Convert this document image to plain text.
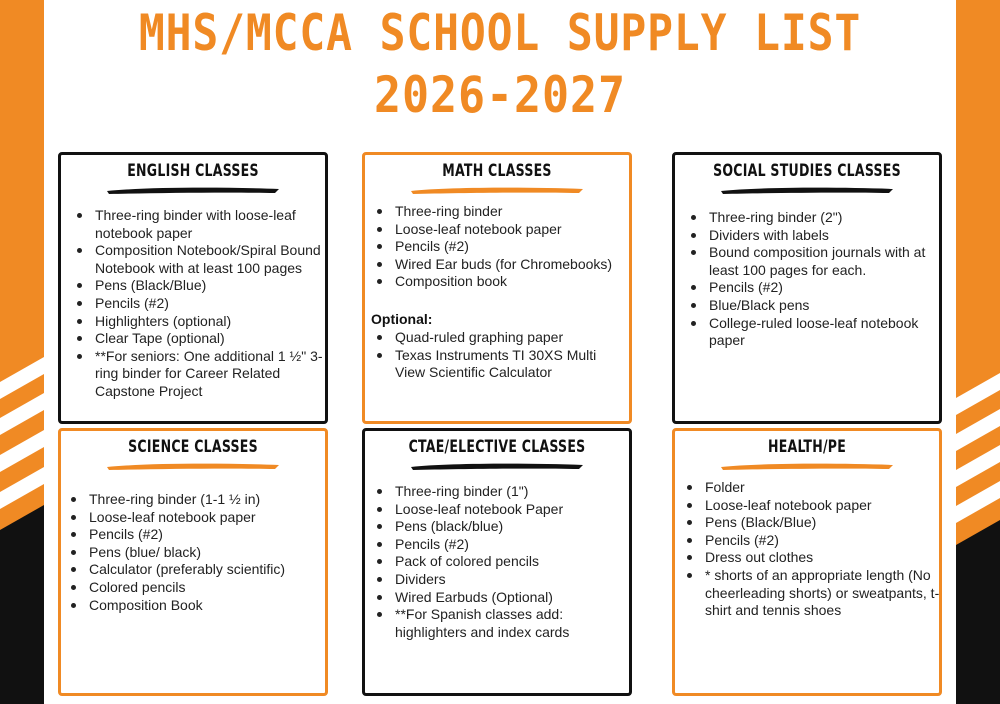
MHS/MCCA SCHOOL SUPPLY LIST
2026-2027
ENGLISH CLASSES
Three-ring binder with loose-leaf notebook paper
Composition Notebook/Spiral Bound Notebook with at least 100 pages
Pens (Black/Blue)
Pencils (#2)
Highlighters (optional)
Clear Tape (optional)
**For seniors: One additional 1 ½" 3-ring binder for Career Related Capstone Project
MATH CLASSES
Three-ring binder
Loose-leaf notebook paper
Pencils (#2)
Wired Ear buds (for Chromebooks)
Composition book
Optional:
Quad-ruled graphing paper
Texas Instruments TI 30XS Multi View Scientific Calculator
SOCIAL STUDIES CLASSES
Three-ring binder (2")
Dividers with labels
Bound composition journals with at least 100 pages for each.
Pencils (#2)
Blue/Black pens
College-ruled loose-leaf notebook paper
SCIENCE CLASSES
Three-ring binder (1-1 ½ in)
Loose-leaf notebook paper
Pencils (#2)
Pens (blue/ black)
Calculator (preferably scientific)
Colored pencils
Composition Book
CTAE/ELECTIVE CLASSES
Three-ring binder (1")
Loose-leaf notebook Paper
Pens (black/blue)
Pencils (#2)
Pack of colored pencils
Dividers
Wired Earbuds (Optional)
**For Spanish classes add: highlighters and index cards
HEALTH/PE
Folder
Loose-leaf notebook paper
Pens (Black/Blue)
Pencils (#2)
Dress out clothes
* shorts of an appropriate length (No cheerleading shorts) or sweatpants, t-shirt and tennis shoes
